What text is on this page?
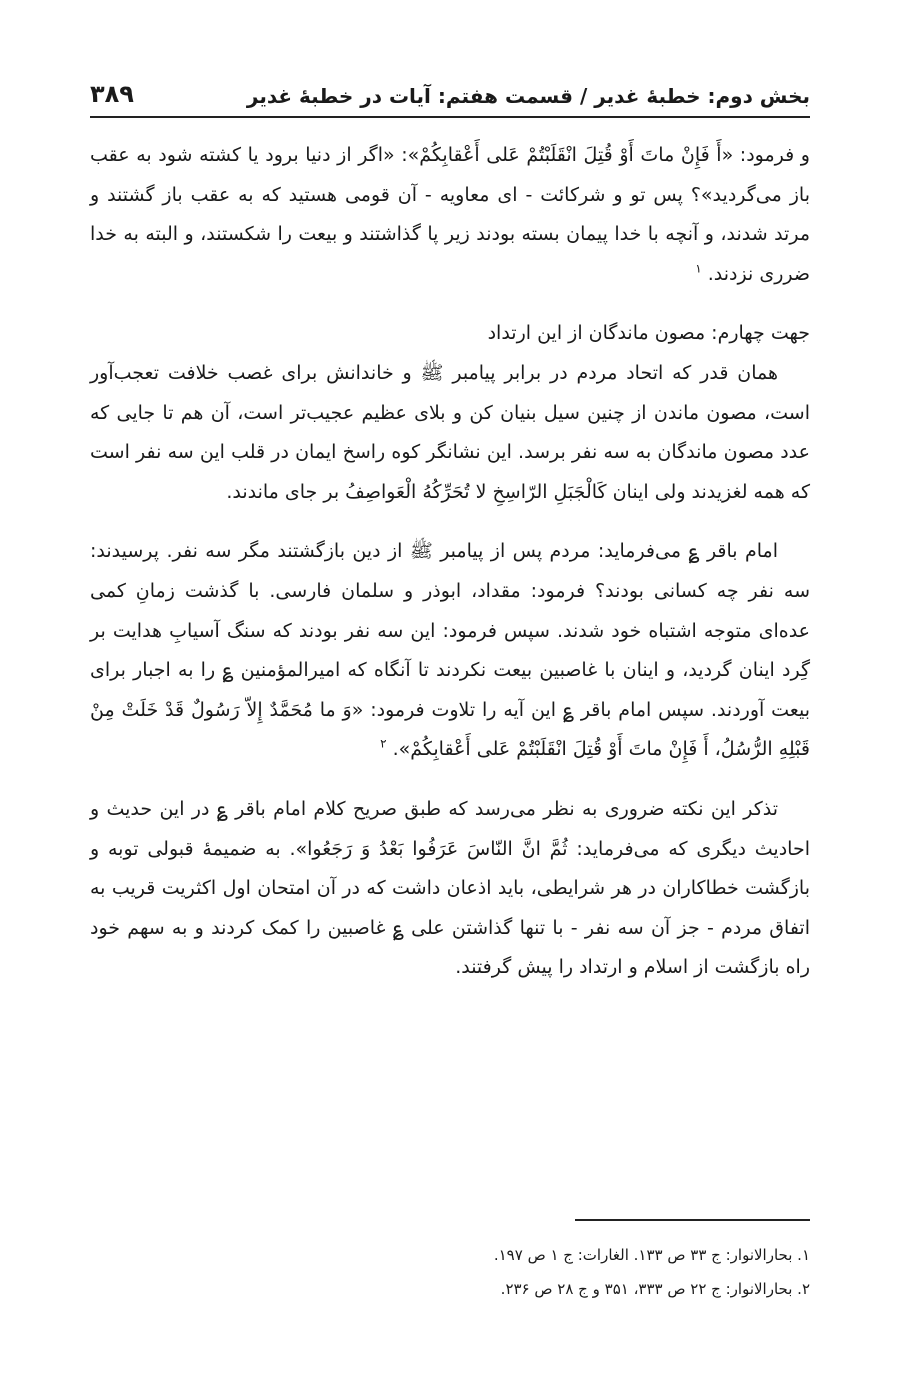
بخش دوم: خطبۀ غدیر / قسمت هفتم: آیات در خطبۀ غدیر
۳۸۹

و فرمود: «أَ فَإِنْ ماتَ أَوْ قُتِلَ انْقَلَبْتُمْ عَلی أَعْقابِکُمْ»: «اگر از دنیا برود یا کشته شود به عقب باز می‌گردید»؟ پس تو و شرکائت - ای معاویه - آن قومی هستید که به عقب باز گشتند و مرتد شدند، و آنچه با خدا پیمان بسته بودند زیر پا گذاشتند و بیعت را شکستند، و البته به خدا ضرری نزدند. $^۱$

جهت چهارم: مصون ماندگان از این ارتداد

همان قدر که اتحاد مردم در برابر پیامبر ﷺ و خاندانش برای غصب خلافت تعجب‌آور است، مصون ماندن از چنین سیل بنیان کن و بلای عظیم عجیب‌تر است، آن هم تا جایی که عدد مصون ماندگان به سه نفر برسد. این نشانگر کوه راسخ ایمان در قلب این سه نفر است که همه لغزیدند ولی اینان کَالْجَبَلِ الرّاسِخِ لا تُحَرِّکُهُ الْعَواصِفُ بر جای ماندند.

امام باقر ؏ می‌فرماید: مردم پس از پیامبر ﷺ از دین بازگشتند مگر سه نفر. پرسیدند: سه نفر چه کسانی بودند؟ فرمود: مقداد، ابوذر و سلمان فارسی. با گذشت زمانِ کمی عده‌ای متوجه اشتباه خود شدند. سپس فرمود: این سه نفر بودند که سنگ آسیابِ هدایت بر گِرد اینان گردید، و اینان با غاصبین بیعت نکردند تا آنگاه که امیرالمؤمنین ؏ را به اجبار برای بیعت آوردند. سپس امام باقر ؏ این آیه را تلاوت فرمود: «وَ ما مُحَمَّدٌ إِلاّ رَسُولٌ قَدْ خَلَتْ مِنْ قَبْلِهِ الرُّسُلُ، أَ فَإِنْ ماتَ أَوْ قُتِلَ انْقَلَبْتُمْ عَلی أَعْقابِکُمْ». $^۲$

تذکر این نکته ضروری به نظر می‌رسد که طبق صریح کلام امام باقر ؏ در این حدیث و احادیث دیگری که می‌فرماید: ثُمَّ انَّ النّاسَ عَرَفُوا بَعْدُ وَ رَجَعُوا». به ضمیمۀ قبولی توبه و بازگشت خطاکاران در هر شرایطی، باید اذعان داشت که در آن امتحان اول اکثریت قریب به اتفاق مردم - جز آن سه نفر - با تنها گذاشتن علی ؏ غاصبین را کمک کردند و به سهم خود راه بازگشت از اسلام و ارتداد را پیش گرفتند.

۱. بحارالانوار: ج ۳۳ ص ۱۳۳. الغارات: ج ۱ ص ۱۹۷.

۲. بحارالانوار: ج ۲۲ ص ۳۳۳، ۳۵۱ و ج ۲۸ ص ۲۳۶.
